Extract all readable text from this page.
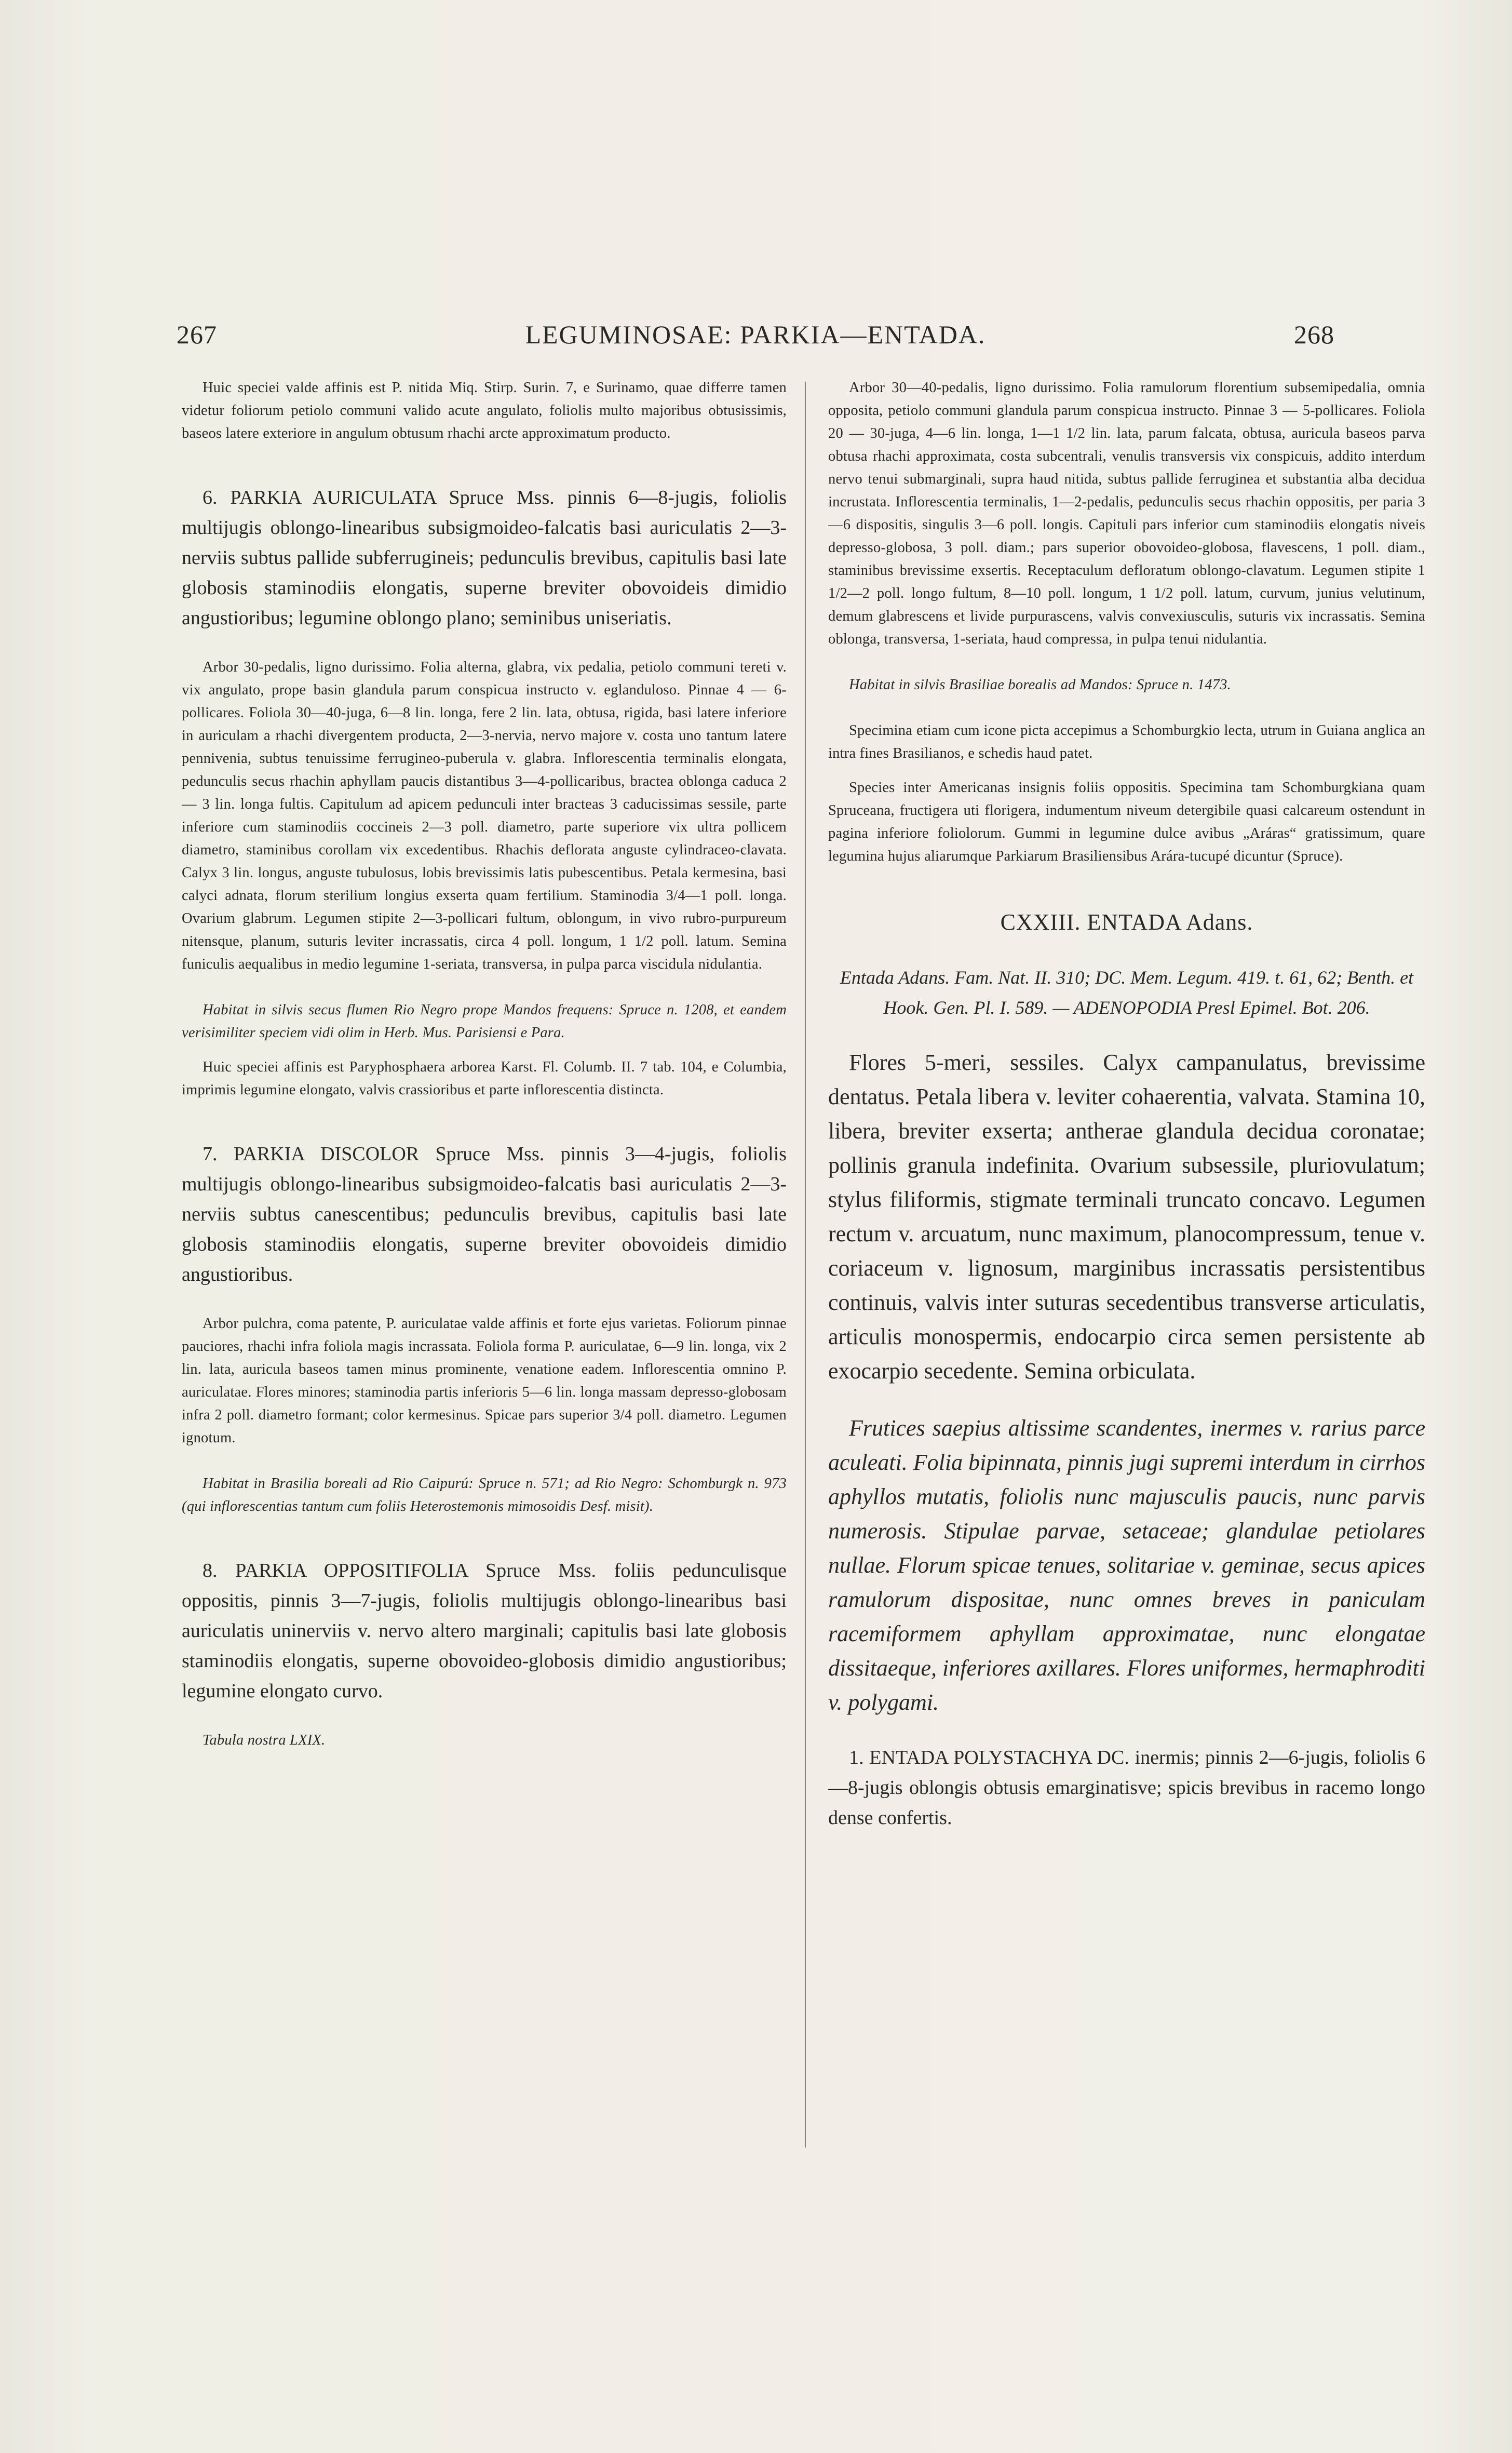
267	LEGUMINOSAE: PARKIA—ENTADA.	268

Huic speciei valde affinis est P. nitida Miq. Stirp. Surin. 7, e Surinamo, quae differre tamen videtur foliorum petiolo communi valido acute angulato, foliolis multo majoribus obtusissimis, baseos latere exteriore in angulum obtusum rhachi arcte approximatum producto.

6. PARKIA AURICULATA Spruce Mss. pinnis 6—8-jugis, foliolis multijugis oblongo-linearibus subsigmoideo-falcatis basi auriculatis 2—3-nerviis subtus pallide subferrugineis; pedunculis brevibus, capitulis basi late globosis staminodiis elongatis, superne breviter obovoideis dimidio angustioribus; legumine oblongo plano; seminibus uniseriatis.

Arbor 30-pedalis, ligno durissimo. Folia alterna, glabra, vix pedalia, petiolo communi tereti v. vix angulato, prope basin glandula parum conspicua instructo v. eglanduloso. Pinnae 4 — 6-pollicares. Foliola 30—40-juga, 6—8 lin. longa, fere 2 lin. lata, obtusa, rigida, basi latere inferiore in auriculam a rhachi divergentem producta, 2—3-nervia, nervo majore v. costa uno tantum latere pennivenia, subtus tenuissime ferrugineo-puberula v. glabra. Inflorescentia terminalis elongata, pedunculis secus rhachin aphyllam paucis distantibus 3—4-pollicaribus, bractea oblonga caduca 2 — 3 lin. longa fultis. Capitulum ad apicem pedunculi inter bracteas 3 caducissimas sessile, parte inferiore cum staminodiis coccineis 2—3 poll. diametro, parte superiore vix ultra pollicem diametro, staminibus corollam vix excedentibus. Rhachis deflorata anguste cylindraceo-clavata. Calyx 3 lin. longus, anguste tubulosus, lobis brevissimis latis pubescentibus. Petala kermesina, basi calyci adnata, florum sterilium longius exserta quam fertilium. Staminodia 3/4—1 poll. longa. Ovarium glabrum. Legumen stipite 2—3-pollicari fultum, oblongum, in vivo rubro-purpureum nitensque, planum, suturis leviter incrassatis, circa 4 poll. longum, 1 1/2 poll. latum. Semina funiculis aequalibus in medio legumine 1-seriata, transversa, in pulpa parca viscidula nidulantia.

Habitat in silvis secus flumen Rio Negro prope Mandos frequens: Spruce n. 1208, et eandem verisimiliter speciem vidi olim in Herb. Mus. Parisiensi e Para.

Huic speciei affinis est Paryphosphaera arborea Karst. Fl. Columb. II. 7 tab. 104, e Columbia, imprimis legumine elongato, valvis crassioribus et parte inflorescentia distincta.

7. PARKIA DISCOLOR Spruce Mss. pinnis 3—4-jugis, foliolis multijugis oblongo-linearibus subsigmoideo-falcatis basi auriculatis 2—3-nerviis subtus canescentibus; pedunculis brevibus, capitulis basi late globosis staminodiis elongatis, superne breviter obovoideis dimidio angustioribus.

Arbor pulchra, coma patente, P. auriculatae valde affinis et forte ejus varietas. Foliorum pinnae pauciores, rhachi infra foliola magis incrassata. Foliola forma P. auriculatae, 6—9 lin. longa, vix 2 lin. lata, auricula baseos tamen minus prominente, venatione eadem. Inflorescentia omnino P. auriculatae. Flores minores; staminodia partis inferioris 5—6 lin. longa massam depresso-globosam infra 2 poll. diametro formant; color kermesinus. Spicae pars superior 3/4 poll. diametro. Legumen ignotum.

Habitat in Brasilia boreali ad Rio Caipurú: Spruce n. 571; ad Rio Negro: Schomburgk n. 973 (qui inflorescentias tantum cum foliis Heterostemonis mimosoidis Desf. misit).

8. PARKIA OPPOSITIFOLIA Spruce Mss. foliis pedunculisque oppositis, pinnis 3—7-jugis, foliolis multijugis oblongo-linearibus basi auriculatis uninerviis v. nervo altero marginali; capitulis basi late globosis staminodiis elongatis, superne obovoideo-globosis dimidio angustioribus; legumine elongato curvo.

Tabula nostra LXIX.

Arbor 30—40-pedalis, ligno durissimo. Folia ramulorum florentium subsemipedalia, omnia opposita, petiolo communi glandula parum conspicua instructo. Pinnae 3 — 5-pollicares. Foliola 20 — 30-juga, 4—6 lin. longa, 1—1 1/2 lin. lata, parum falcata, obtusa, auricula baseos parva obtusa rhachi approximata, costa subcentrali, venulis transversis vix conspicuis, addito interdum nervo tenui submarginali, supra haud nitida, subtus pallide ferruginea et substantia alba decidua incrustata. Inflorescentia terminalis, 1—2-pedalis, pedunculis secus rhachin oppositis, per paria 3—6 dispositis, singulis 3—6 poll. longis. Capituli pars inferior cum staminodiis elongatis niveis depresso-globosa, 3 poll. diam.; pars superior obovoideo-globosa, flavescens, 1 poll. diam., staminibus brevissime exsertis. Receptaculum defloratum oblongo-clavatum. Legumen stipite 1 1/2—2 poll. longo fultum, 8—10 poll. longum, 1 1/2 poll. latum, curvum, junius velutinum, demum glabrescens et livide purpurascens, valvis convexiusculis, suturis vix incrassatis. Semina oblonga, transversa, 1-seriata, haud compressa, in pulpa tenui nidulantia.

Habitat in silvis Brasiliae borealis ad Mandos: Spruce n. 1473.

Specimina etiam cum icone picta accepimus a Schomburgkio lecta, utrum in Guiana anglica an intra fines Brasilianos, e schedis haud patet.

Species inter Americanas insignis foliis oppositis. Specimina tam Schomburgkiana quam Spruceana, fructigera uti florigera, indumentum niveum detergibile quasi calcareum ostendunt in pagina inferiore foliolorum. Gummi in legumine dulce avibus „Aráras“ gratissimum, quare legumina hujus aliarumque Parkiarum Brasiliensibus Arára-tucupé dicuntur (Spruce).

CXXIII. ENTADA Adans.

Entada Adans. Fam. Nat. II. 310; DC. Mem. Legum. 419. t. 61, 62; Benth. et Hook. Gen. Pl. I. 589. — ADENOPODIA Presl Epimel. Bot. 206.

Flores 5-meri, sessiles. Calyx campanulatus, brevissime dentatus. Petala libera v. leviter cohaerentia, valvata. Stamina 10, libera, breviter exserta; antherae glandula decidua coronatae; pollinis granula indefinita. Ovarium subsessile, pluriovulatum; stylus filiformis, stigmate terminali truncato concavo. Legumen rectum v. arcuatum, nunc maximum, planocompressum, tenue v. coriaceum v. lignosum, marginibus incrassatis persistentibus continuis, valvis inter suturas secedentibus transverse articulatis, articulis monospermis, endocarpio circa semen persistente ab exocarpio secedente. Semina orbiculata.

Frutices saepius altissime scandentes, inermes v. rarius parce aculeati. Folia bipinnata, pinnis jugi supremi interdum in cirrhos aphyllos mutatis, foliolis nunc majusculis paucis, nunc parvis numerosis. Stipulae parvae, setaceae; glandulae petiolares nullae. Florum spicae tenues, solitariae v. geminae, secus apices ramulorum dispositae, nunc omnes breves in paniculam racemiformem aphyllam approximatae, nunc elongatae dissitaeque, inferiores axillares. Flores uniformes, hermaphroditi v. polygami.

1. ENTADA POLYSTACHYA DC. inermis; pinnis 2—6-jugis, foliolis 6—8-jugis oblongis obtusis emarginatisve; spicis brevibus in racemo longo dense confertis.
